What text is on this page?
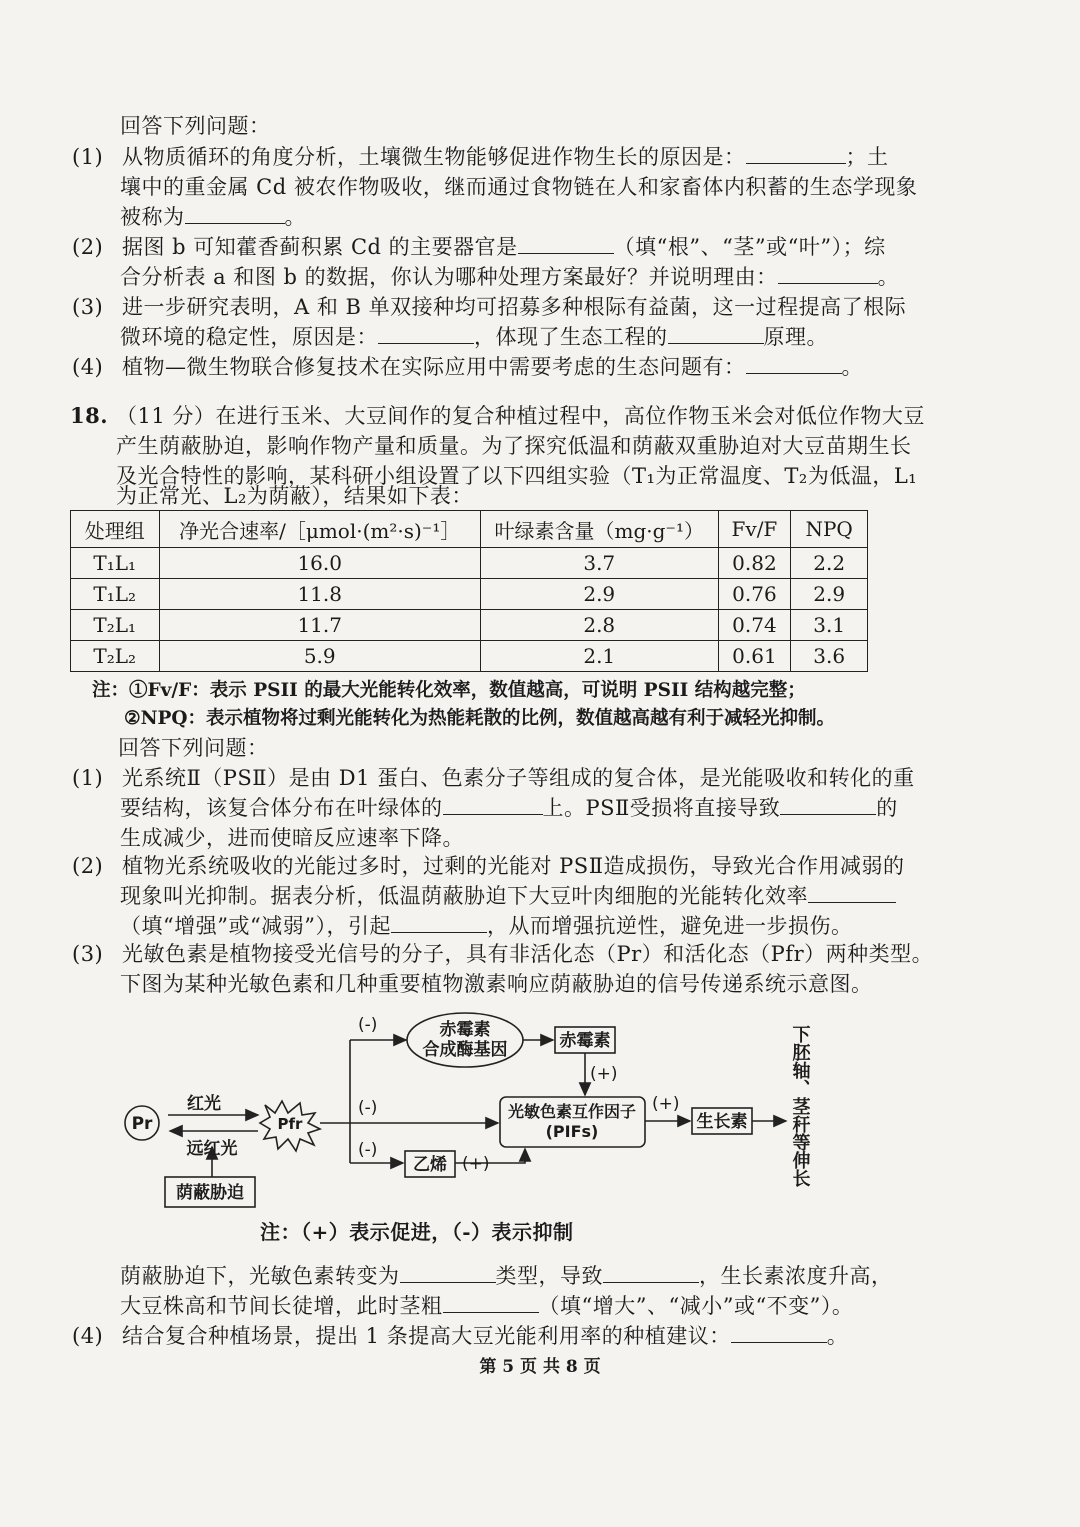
回答下列问题：
(1) 从物质循环的角度分析，土壤微生物能够促进作物生长的原因是：	；土
壤中的重金属 Cd 被农作物吸收，继而通过食物链在人和家畜体内积蓄的生态学现象
被称为	。
(2) 据图 b 可知藿香蓟积累 Cd 的主要器官是	（填“根”、“茎”或“叶”）；综
合分析表 a 和图 b 的数据，你认为哪种处理方案最好？并说明理由：	。
(3) 进一步研究表明，A 和 B 单双接种均可招募多种根际有益菌，这一过程提高了根际
微环境的稳定性，原因是：	，体现了生态工程的	原理。
(4) 植物—微生物联合修复技术在实际应用中需要考虑的生态问题有：	。
18. （11 分）在进行玉米、大豆间作的复合种植过程中，高位作物玉米会对低位作物大豆
产生荫蔽胁迫，影响作物产量和质量。为了探究低温和荫蔽双重胁迫对大豆苗期生长
及光合特性的影响，某科研小组设置了以下四组实验（T₁为正常温度、T₂为低温，L₁
为正常光、L₂为荫蔽），结果如下表：
处理组	净光合速率/［μmol·(m²·s)⁻¹］	叶绿素含量（mg·g⁻¹）	Fv/F	NPQ
T₁L₁	16.0	3.7	0.82	2.2
T₁L₂	11.8	2.9	0.76	2.9
T₂L₁	11.7	2.8	0.74	3.1
T₂L₂	5.9	2.1	0.61	3.6
注：①Fv/F：表示 PSII 的最大光能转化效率，数值越高，可说明 PSII 结构越完整；
②NPQ：表示植物将过剩光能转化为热能耗散的比例，数值越高越有利于减轻光抑制。
回答下列问题：
(1) 光系统Ⅱ（PSⅡ）是由 D1 蛋白、色素分子等组成的复合体，是光能吸收和转化的重
要结构，该复合体分布在叶绿体的	上。PSⅡ受损将直接导致	的
生成减少，进而使暗反应速率下降。
(2) 植物光系统吸收的光能过多时，过剩的光能对 PSⅡ造成损伤，导致光合作用减弱的
现象叫光抑制。据表分析，低温荫蔽胁迫下大豆叶肉细胞的光能转化效率
（填“增强”或“减弱”），引起	，从而增强抗逆性，避免进一步损伤。
(3) 光敏色素是植物接受光信号的分子，具有非活化态（Pr）和活化态（Pfr）两种类型。
下图为某种光敏色素和几种重要植物激素响应荫蔽胁迫的信号传递系统示意图。
Pr
红光
远红光
荫蔽胁迫
Pfr
赤霉素
合成酶基因	赤霉素
光敏色素互作因子
(PIFs)
乙烯
生长素 下胚轴、茎秆等伸长
(-)
(-)
(-)
(+)
(+)
(+)
注：（+）表示促进，（-）表示抑制
荫蔽胁迫下，光敏色素转变为	类型，导致	，生长素浓度升高，
大豆株高和节间长徒增，此时茎粗	（填“增大”、“减小”或“不变”）。
(4) 结合复合种植场景，提出 1 条提高大豆光能利用率的种植建议：	。
第 5 页 共 8 页
